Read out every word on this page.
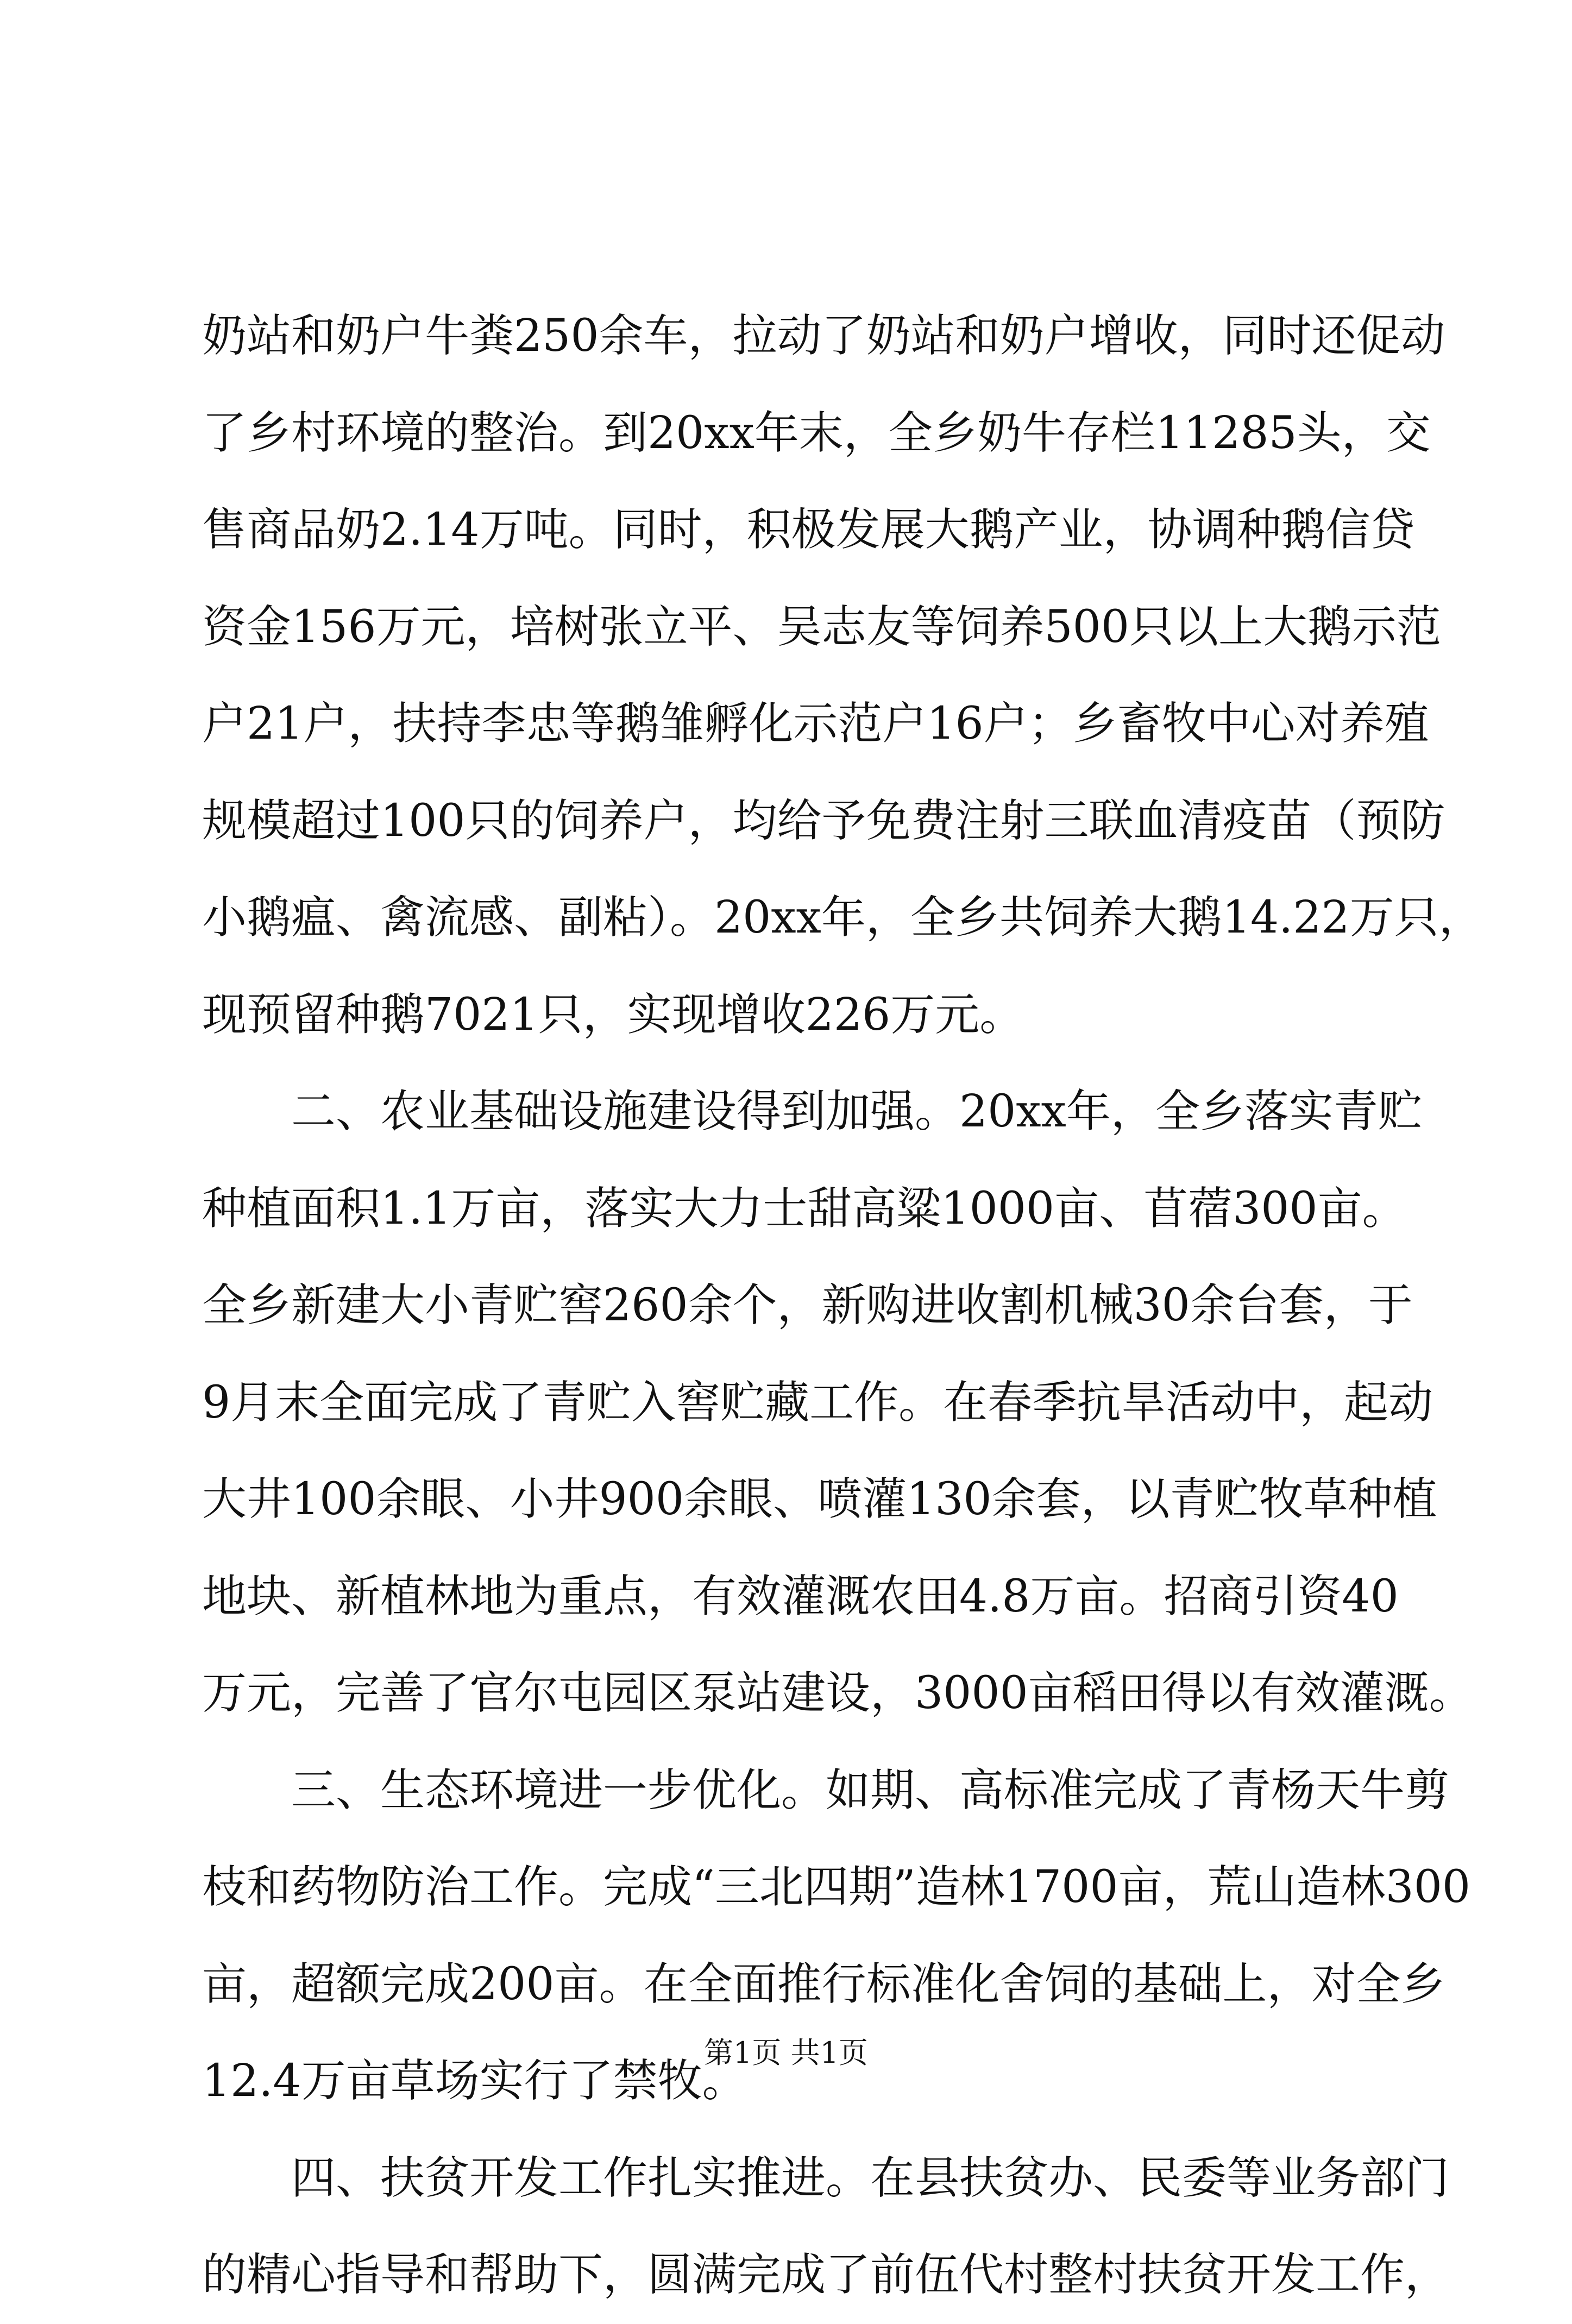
奶站和奶户牛粪250余车，拉动了奶站和奶户增收，同时还促动
了乡村环境的整治。到20xx年末，全乡奶牛存栏11285头，交
售商品奶2.14万吨。同时，积极发展大鹅产业，协调种鹅信贷
资金156万元，培树张立平、吴志友等饲养500只以上大鹅示范
户21户，扶持李忠等鹅雏孵化示范户16户；乡畜牧中心对养殖
规模超过100只的饲养户，均给予免费注射三联血清疫苗（预防
小鹅瘟、禽流感、副粘）。20xx年，全乡共饲养大鹅14.22万只，
现预留种鹅7021只，实现增收226万元。
　　二、农业基础设施建设得到加强。20xx年，全乡落实青贮
种植面积1.1万亩，落实大力士甜高粱1000亩、苜蓿300亩。
全乡新建大小青贮窖260余个，新购进收割机械30余台套，于
9月末全面完成了青贮入窖贮藏工作。在春季抗旱活动中，起动
大井100余眼、小井900余眼、喷灌130余套，以青贮牧草种植
地块、新植林地为重点，有效灌溉农田4.8万亩。招商引资40
万元，完善了官尔屯园区泵站建设，3000亩稻田得以有效灌溉。
　　三、生态环境进一步优化。如期、高标准完成了青杨天牛剪
枝和药物防治工作。完成“三北四期”造林1700亩，荒山造林300
亩，超额完成200亩。在全面推行标准化舍饲的基础上，对全乡
12.4万亩草场实行了禁牧。
　　四、扶贫开发工作扎实推进。在县扶贫办、民委等业务部门
的精心指导和帮助下，圆满完成了前伍代村整村扶贫开发工作，
第1页 共1页
